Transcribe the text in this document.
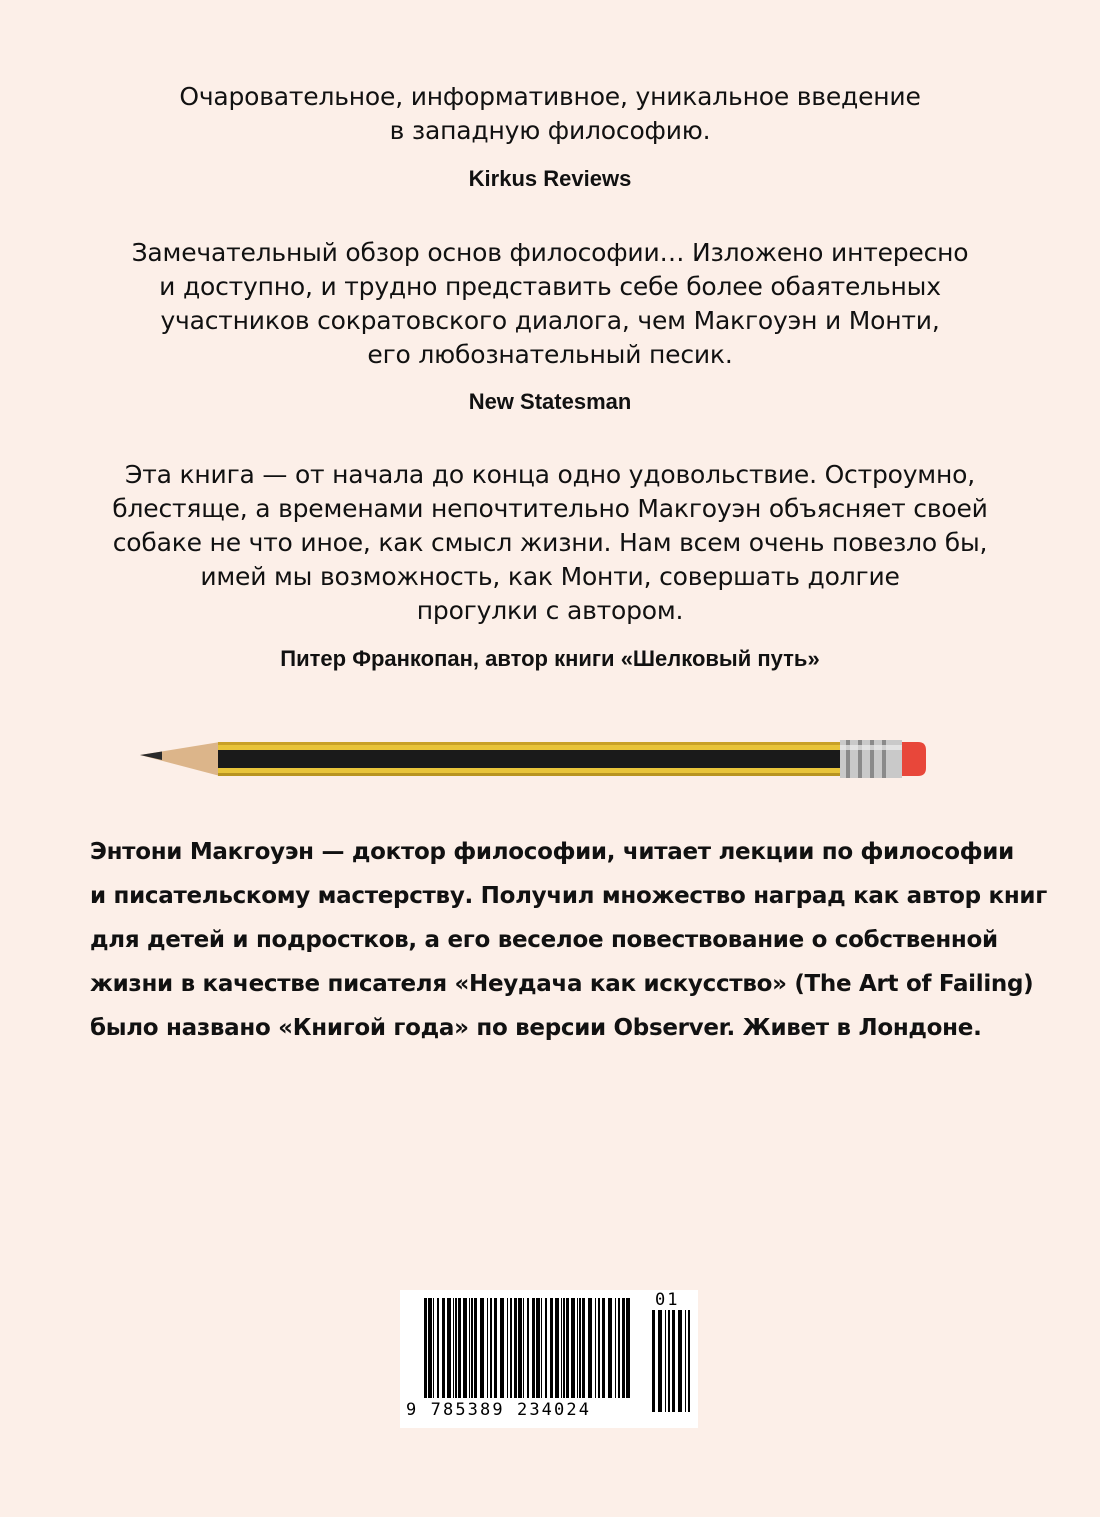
Очаровательное, информативное, уникальное введение
в западную философию.

Kirkus Reviews

Замечательный обзор основ философии… Изложено интересно
и доступно, и трудно представить себе более обаятельных
участников сократовского диалога, чем Макгоуэн и Монти,
его любознательный песик.

New Statesman

Эта книга — от начала до конца одно удовольствие. Остроумно,
блестяще, а временами непочтительно Макгоуэн объясняет своей
собаке не что иное, как смысл жизни. Нам всем очень повезло бы,
имей мы возможность, как Монти, совершать долгие
прогулки с автором.

Питер Франкопан, автор книги «Шелковый путь»

Энтони Макгоуэн — доктор философии, читает лекции по философии
и писательскому мастерству. Получил множество наград как автор книг
для детей и подростков, а его веселое повествование о собственной
жизни в качестве писателя «Неудача как искусство» (The Art of Failing)
было названо «Книгой года» по версии Observer. Живет в Лондоне.

9 785389 234024
01
